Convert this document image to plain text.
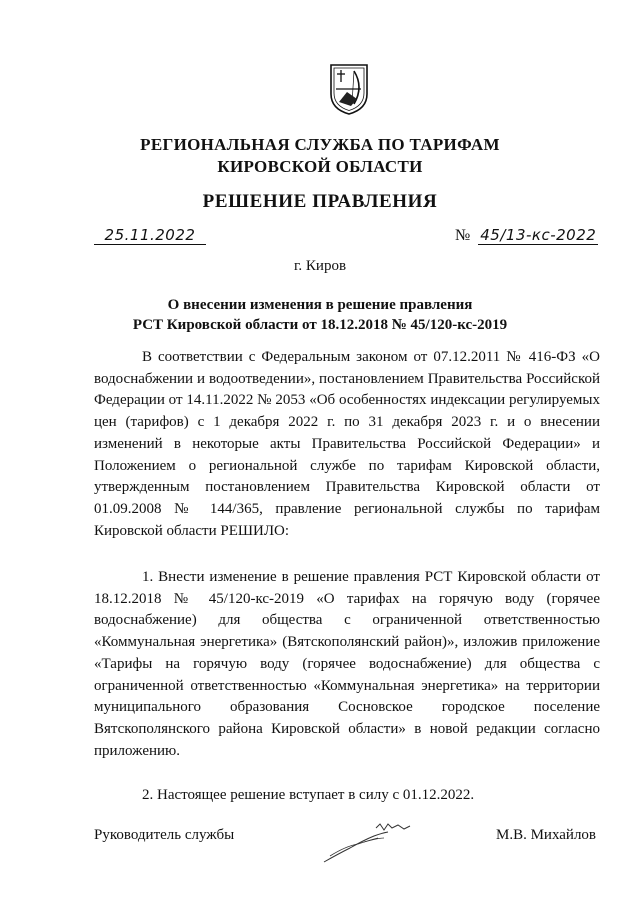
РЕГИОНАЛЬНАЯ СЛУЖБА ПО ТАРИФАМ
КИРОВСКОЙ ОБЛАСТИ
РЕШЕНИЕ ПРАВЛЕНИЯ
25.11.2022	№ 45/13-кс-2022
г. Киров
О внесении изменения в решение правления
РСТ Кировской области от 18.12.2018 № 45/120-кс-2019

В соответствии с Федеральным законом от 07.12.2011 № 416-ФЗ «О водоснабжении и водоотведении», постановлением Правительства Российской Федерации от 14.11.2022 № 2053 «Об особенностях индексации регулируемых цен (тарифов) с 1 декабря 2022 г. по 31 декабря 2023 г. и о внесении изменений в некоторые акты Правительства Российской Федерации» и Положением о региональной службе по тарифам Кировской области, утвержденным постановлением Правительства Кировской области от 01.09.2008 № 144/365, правление региональной службы по тарифам Кировской области РЕШИЛО:

1. Внести изменение в решение правления РСТ Кировской области от 18.12.2018 № 45/120-кс-2019 «О тарифах на горячую воду (горячее водоснабжение) для общества с ограниченной ответственностью «Коммунальная энергетика» (Вятскополянский район)», изложив приложение «Тарифы на горячую воду (горячее водоснабжение) для общества с ограниченной ответственностью «Коммунальная энергетика» на территории муниципального образования Сосновское городское поселение Вятскополянского района Кировской области» в новой редакции согласно приложению.

2. Настоящее решение вступает в силу с 01.12.2022.

Руководитель службы	М.В. Михайлов
